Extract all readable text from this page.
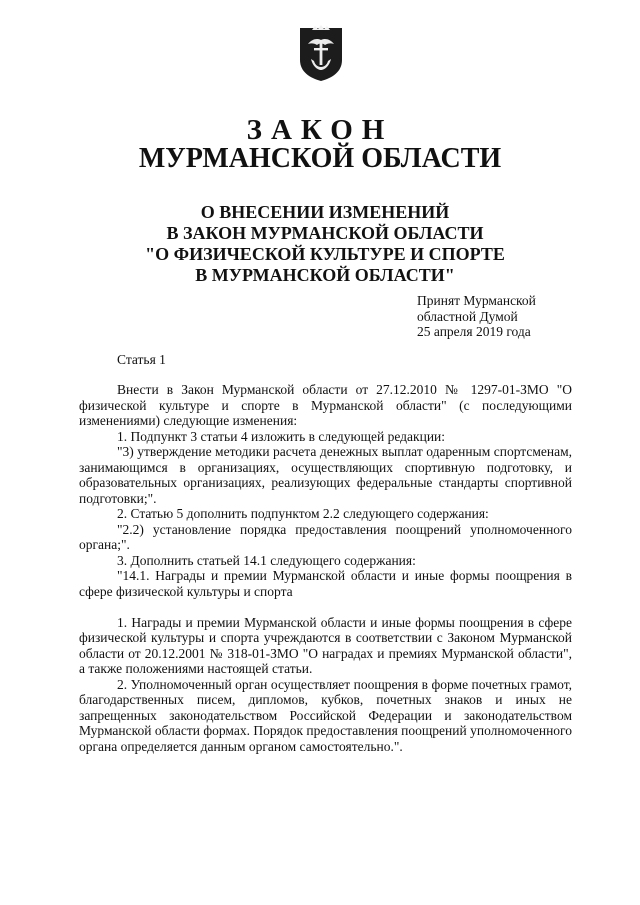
ЗАКОН
МУРМАНСКОЙ ОБЛАСТИ
О ВНЕСЕНИИ ИЗМЕНЕНИЙ
В ЗАКОН МУРМАНСКОЙ ОБЛАСТИ
"О ФИЗИЧЕСКОЙ КУЛЬТУРЕ И СПОРТЕ
В МУРМАНСКОЙ ОБЛАСТИ"
Принят Мурманской
областной Думой
25 апреля 2019 года
Статья 1

Внести в Закон Мурманской области от 27.12.2010 № 1297-01-ЗМО "О физической культуре и спорте в Мурманской области" (с последующими изменениями) следующие изменения:

1. Подпункт 3 статьи 4 изложить в следующей редакции:

"3) утверждение методики расчета денежных выплат одаренным спортсменам, занимающимся в организациях, осуществляющих спортивную подготовку, и образовательных организациях, реализующих федеральные стандарты спортивной подготовки;".

2. Статью 5 дополнить подпунктом 2.2 следующего содержания:

"2.2) установление порядка предоставления поощрений уполномоченного органа;".

3. Дополнить статьей 14.1 следующего содержания:

"14.1. Награды и премии Мурманской области и иные формы поощрения в сфере физической культуры и спорта

1. Награды и премии Мурманской области и иные формы поощрения в сфере физической культуры и спорта учреждаются в соответствии с Законом Мурманской области от 20.12.2001 № 318-01-ЗМО "О наградах и премиях Мурманской области", а также положениями настоящей статьи.

2. Уполномоченный орган осуществляет поощрения в форме почетных грамот, благодарственных писем, дипломов, кубков, почетных знаков и иных не запрещенных законодательством Российской Федерации и законодательством Мурманской области формах. Порядок предоставления поощрений уполномоченного органа определяется данным органом самостоятельно.".
